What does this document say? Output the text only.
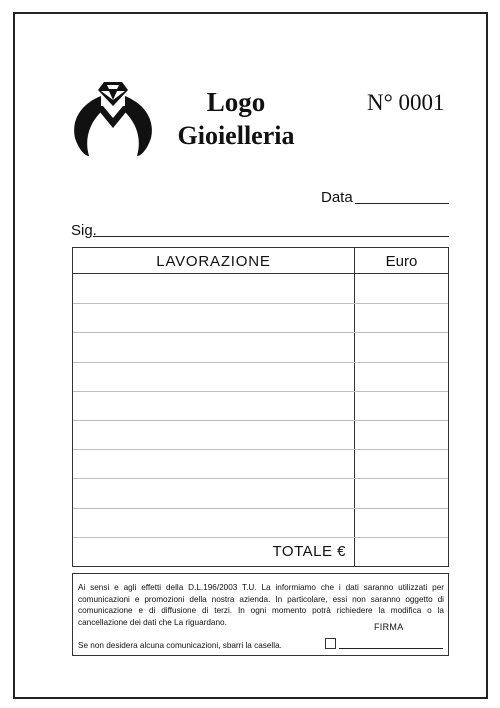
Logo
Gioielleria
N° 0001
Data
Sig.
LAVORAZIONE	Euro
TOTALE €
Ai sensi e agli effetti della D.L.196/2003 T.U. La informiamo che i dati saranno utilizzati per comunicazioni e promozioni della nostra azienda. In particolare, essi non saranno oggetto di comunicazione e di diffusione di terzi. In ogni momento potrà richiedere la modifica o la cancellazione dei dati che La riguardano.	FIRMA
Se non desidera alcuna comunicazioni, sbarri la casella.
